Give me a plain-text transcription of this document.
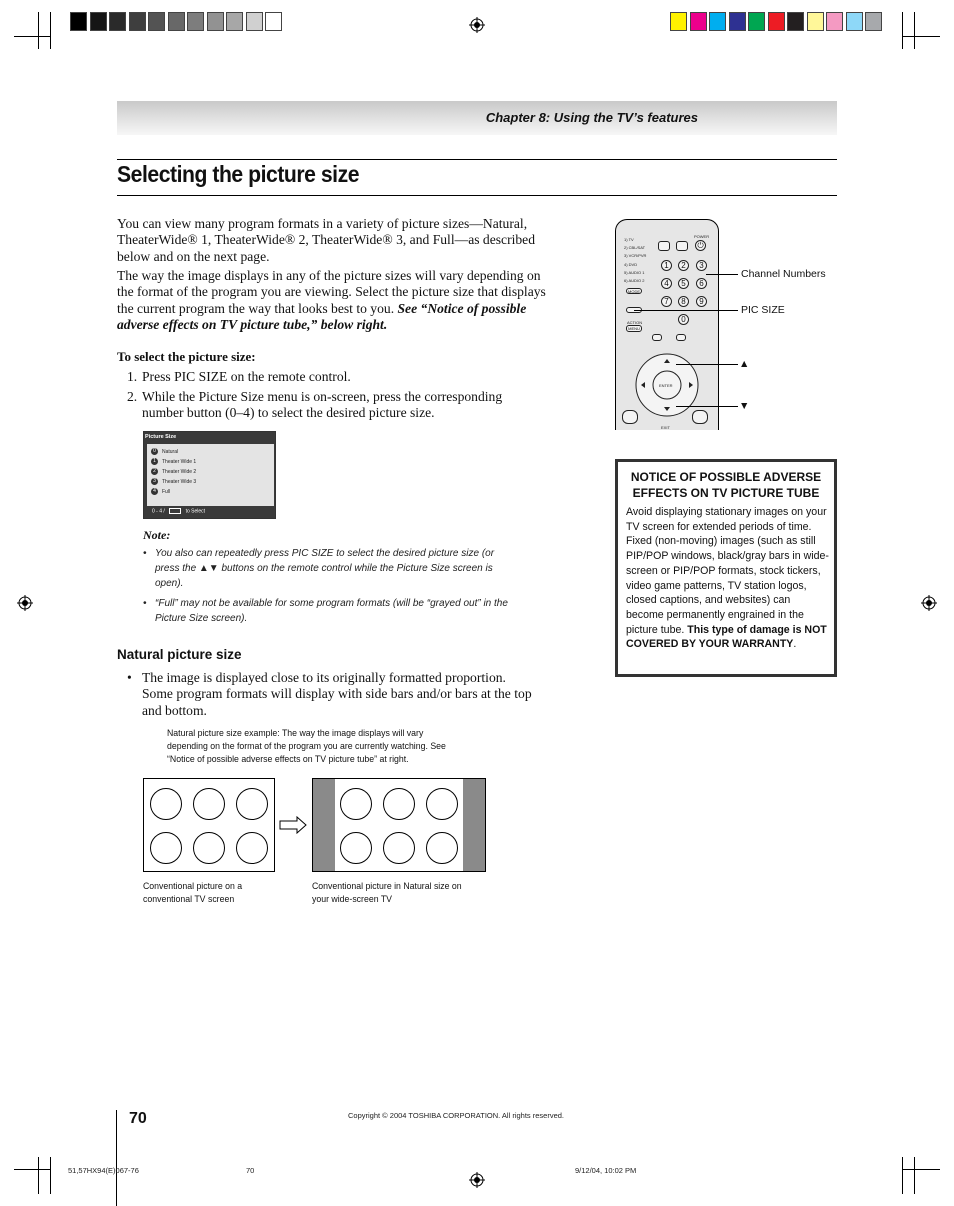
Chapter 8: Using the TV’s features
Selecting the picture size
You can view many program formats in a variety of picture sizes—Natural,
TheaterWide® 1, TheaterWide® 2, TheaterWide® 3, and Full—as described
below and on the next page.
The way the image displays in any of the picture sizes will vary depending on
the format of the program you are viewing. Select the picture size that displays
the current program the way that looks best to you. See “Notice of possible
adverse effects on TV picture tube,” below right.
To select the picture size:
1. Press PIC SIZE on the remote control.
2. While the Picture Size menu is on-screen, press the corresponding number button (0–4) to select the desired picture size.
Picture Size
0 Natural
1 Theater Wide 1
2 Theater Wide 2
3 Theater Wide 3
4 Full
0 - 4 /	to Select
Note:
• You also can repeatedly press PIC SIZE to select the desired picture size (or press the ▲▼ buttons on the remote control while the Picture Size screen is open).
• “Full” may not be available for some program formats (will be “grayed out” in the Picture Size screen).
Natural picture size
• The image is displayed close to its originally formatted proportion. Some program formats will display with side bars and/or bars at the top and bottom.
Natural picture size example: The way the image displays will vary depending on the format of the program you are currently watching. See “Notice of possible adverse effects on TV picture tube” at right.
Conventional picture on a conventional TV screen
Conventional picture in Natural size on your wide-screen TV
POWER
⏻
1) TV
2) CBL/SAT
3) VCR/PVR
4) DVD
5) AUDIO 1
6) AUDIO 2
MODE
1	2	3
4	5	6
7	8	9
0
ACTION
MENU
ENTER
EXIT
Channel Numbers
PIC SIZE
▲
▼
NOTICE OF POSSIBLE ADVERSE
EFFECTS ON TV PICTURE TUBE
Avoid displaying stationary images on your TV screen for extended periods of time. Fixed (non-moving) images (such as still PIP/POP windows, black/gray bars in wide-screen or PIP/POP formats, stock tickers, video game patterns, TV station logos, closed captions, and websites) can become permanently engrained in the picture tube. This type of damage is NOT COVERED BY YOUR WARRANTY.
70	Copyright © 2004 TOSHIBA CORPORATION. All rights reserved.
51,57HX94(E)067-76	70	9/12/04, 10:02 PM
